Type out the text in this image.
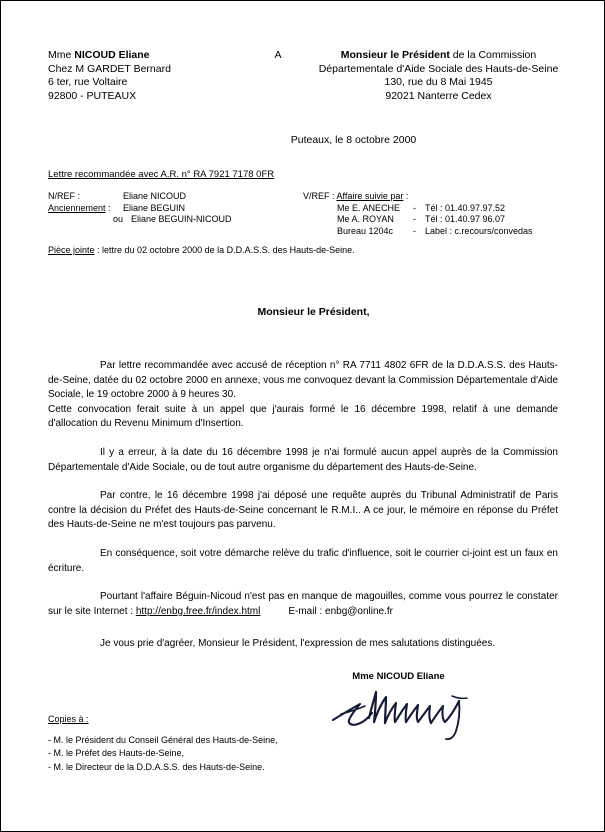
Mme NICOUD Eliane
Chez M GARDET Bernard
6 ter, rue Voltaire
92800 - PUTEAUX
A	Monsieur le Président de la Commission
Départementale d'Aide Sociale des Hauts-de-Seine
130, rue du 8 Mai 1945
92021 Nanterre Cedex
Puteaux, le 8 octobre 2000
Lettre recommandée avec A.R. n° RA 7921 7178 0FR
N/REF :	Eliane NICOUD
Anciennement :	Eliane BEGUIN
ou Eliane BEGUIN-NICOUD
V/REF : Affaire suivie par :
Me E. ANECHE	-	Tél : 01.40.97.97.52
Me A. ROYAN	-	Tél : 01.40.97 96.07
Bureau 1204c	-	Label : c.recours/convedas
Pièce jointe : lettre du 02 octobre 2000 de la D.D.A.S.S. des Hauts-de-Seine.
Monsieur le Président,

Par lettre recommandée avec accusé de réception n° RA 7711 4802 6FR de la D.D.A.S.S. des Hauts-de-Seine, datée du 02 octobre 2000 en annexe, vous me convoquez devant la Commission Départementale d'Aide Sociale, le 19 octobre 2000 à 9 heures 30.

Cette convocation ferait suite à un appel que j'aurais formé le 16 décembre 1998, relatif à une demande d'allocation du Revenu Minimum d'Insertion.

Il y a erreur, à la date du 16 décembre 1998 je n'ai formulé aucun appel auprès de la Commission Départementale d'Aide Sociale, ou de tout autre organisme du département des Hauts-de-Seine.

Par contre, le 16 décembre 1998 j'ai déposé une requête auprès du Tribunal Administratif de Paris contre la décision du Préfet des Hauts-de-Seine concernant le R.M.I.. A ce jour, le mémoire en réponse du Préfet des Hauts-de-Seine ne m'est toujours pas parvenu.

En conséquence, soit votre démarche relève du trafic d'influence, soit le courrier ci-joint est un faux en écriture.

Pourtant l'affaire Béguin-Nicoud n'est pas en manque de magouilles, comme vous pourrez le constater sur le site Internet : http://enbg.free.fr/index.html	E-mail : enbg@online.fr

Je vous prie d'agréer, Monsieur le Président, l'expression de mes salutations distinguées.
Mme NICOUD Eliane
Copies à :
- M. le Président du Conseil Général des Hauts-de-Seine,
- M. le Préfet des Hauts-de-Seine,
- M. le Directeur de la D.D.A.S.S. des Hauts-de-Seine.
